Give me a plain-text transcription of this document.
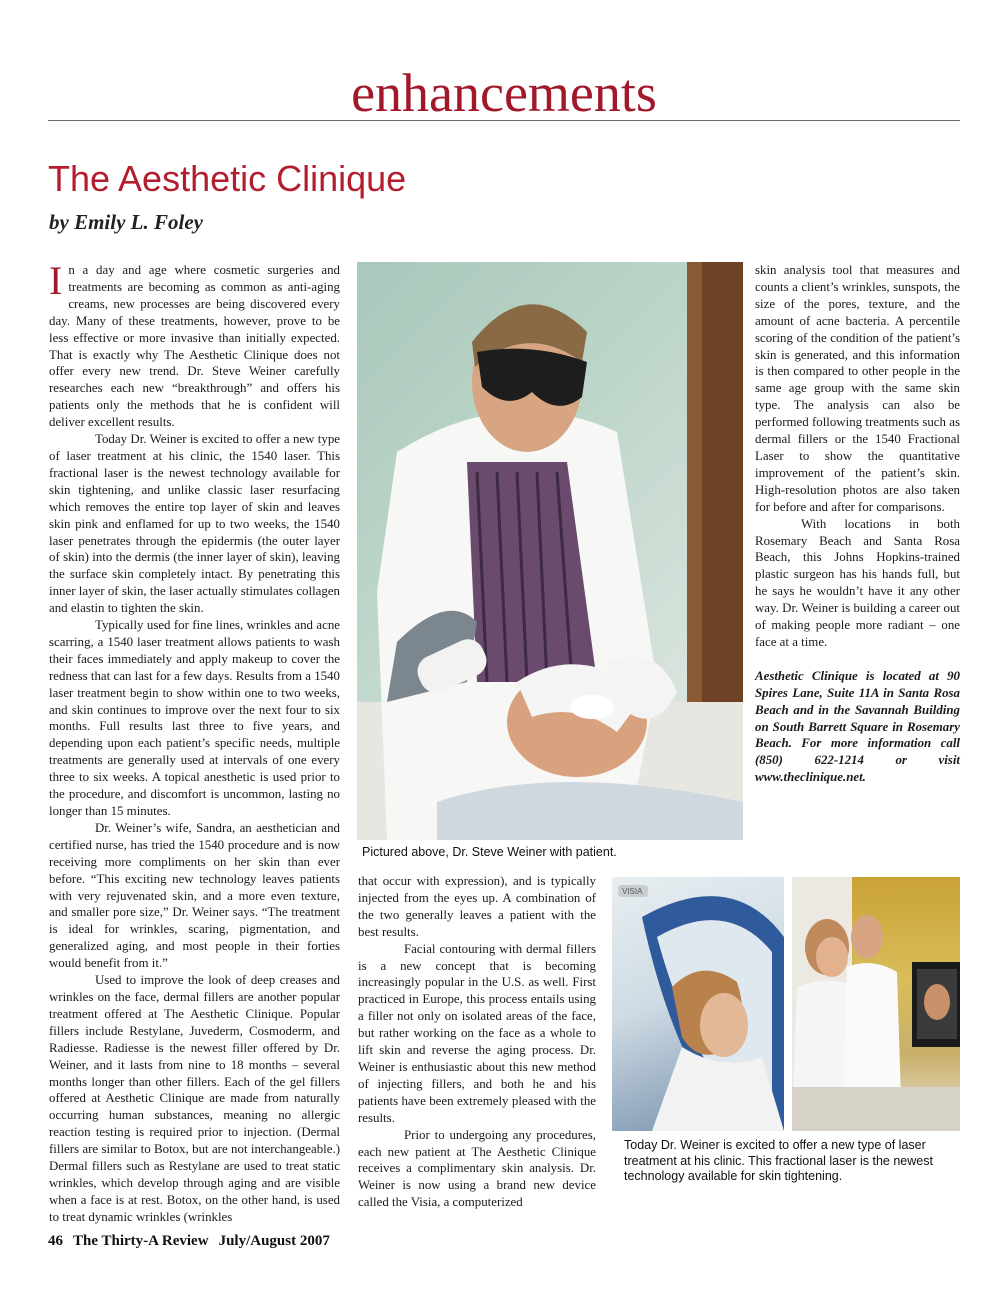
enhancements
The Aesthetic Clinique
by Emily L. Foley

In a day and age where cosmetic surgeries and treatments are becoming as common as anti-aging creams, new processes are being discovered every day. Many of these treatments, however, prove to be less effective or more invasive than initially expected. That is exactly why The Aesthetic Clinique does not offer every new trend. Dr. Steve Weiner carefully researches each new “breakthrough” and offers his patients only the methods that he is confident will deliver excellent results.

Today Dr. Weiner is excited to offer a new type of laser treatment at his clinic, the 1540 laser. This fractional laser is the newest technology available for skin tightening, and unlike classic laser resurfacing which removes the entire top layer of skin and leaves skin pink and enflamed for up to two weeks, the 1540 laser penetrates through the epidermis (the outer layer of skin) into the dermis (the inner layer of skin), leaving the surface skin completely intact. By penetrating this inner layer of skin, the laser actually stimulates collagen and elastin to tighten the skin.

Typically used for fine lines, wrinkles and acne scarring, a 1540 laser treatment allows patients to wash their faces immediately and apply makeup to cover the redness that can last for a few days. Results from a 1540 laser treatment begin to show within one to two weeks, and skin continues to improve over the next four to six months. Full results last three to five years, and depending upon each patient’s specific needs, multiple treatments are generally used at intervals of one every three to six weeks. A topical anesthetic is used prior to the procedure, and discomfort is uncommon, lasting no longer than 15 minutes.

Dr. Weiner’s wife, Sandra, an aesthetician and certified nurse, has tried the 1540 procedure and is now receiving more compliments on her skin than ever before. “This exciting new technology leaves patients with very rejuvenated skin, and a more even texture, and smaller pore size,” Dr. Weiner says. “The treatment is ideal for wrinkles, scaring, pigmentation, and generalized aging, and most people in their forties would benefit from it.”

Used to improve the look of deep creases and wrinkles on the face, dermal fillers are another popular treatment offered at The Aesthetic Clinique. Popular fillers include Restylane, Juvederm, Cosmoderm, and Radiesse. Radiesse is the newest filler offered by Dr. Weiner, and it lasts from nine to 18 months – several months longer than other fillers. Each of the gel fillers offered at Aesthetic Clinique are made from naturally occurring human substances, meaning no allergic reaction testing is required prior to injection. (Dermal fillers are similar to Botox, but are not interchangeable.) Dermal fillers such as Restylane are used to treat static wrinkles, which develop through aging and are visible when a face is at rest. Botox, on the other hand, is used to treat dynamic wrinkles (wrinkles

Pictured above, Dr. Steve Weiner with patient.

that occur with expression), and is typically injected from the eyes up. A combination of the two generally leaves a patient with the best results.

Facial contouring with dermal fillers is a new concept that is becoming increasingly popular in the U.S. as well. First practiced in Europe, this process entails using a filler not only on isolated areas of the face, but rather working on the face as a whole to lift skin and reverse the aging process. Dr. Weiner is enthusiastic about this new method of injecting fillers, and both he and his patients have been extremely pleased with the results.

Prior to undergoing any procedures, each new patient at The Aesthetic Clinique receives a complimentary skin analysis. Dr. Weiner is now using a brand new device called the Visia, a computerized

VISIA
Today Dr. Weiner is excited to offer a new type of laser treatment at his clinic. This fractional laser is the newest technology available for skin tightening.

skin analysis tool that measures and counts a client’s wrinkles, sunspots, the size of the pores, texture, and the amount of acne bacteria. A percentile scoring of the condition of the patient’s skin is generated, and this information is then compared to other people in the same age group with the same skin type. The analysis can also be performed following treatments such as dermal fillers or the 1540 Fractional Laser to show the quantitative improvement of the patient’s skin. High-resolution photos are also taken for before and after for comparisons.

With locations in both Rosemary Beach and Santa Rosa Beach, this Johns Hopkins-trained plastic surgeon has his hands full, but he says he wouldn’t have it any other way. Dr. Weiner is building a career out of making people more radiant – one face at a time.

Aesthetic Clinique is located at 90 Spires Lane, Suite 11A in Santa Rosa Beach and in the Savannah Building on South Barrett Square in Rosemary Beach. For more information call (850) 622-1214 or visit www.theclinique.net.

46 The Thirty-A Review July/August 2007
